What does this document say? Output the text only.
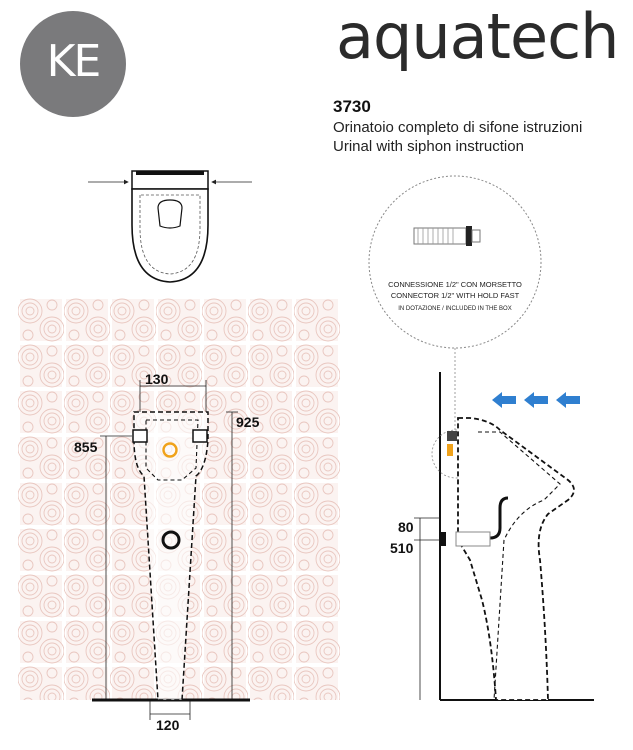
KE	aquatech
3730
Orinatoio completo di sifone istruzioni
Urinal with siphon instruction
130
925
855
120
CONNESSIONE 1/2" CON MORSETTO
CONNECTOR 1/2" WITH HOLD FAST
IN DOTAZIONE / INCLUDED IN THE BOX
80
510
